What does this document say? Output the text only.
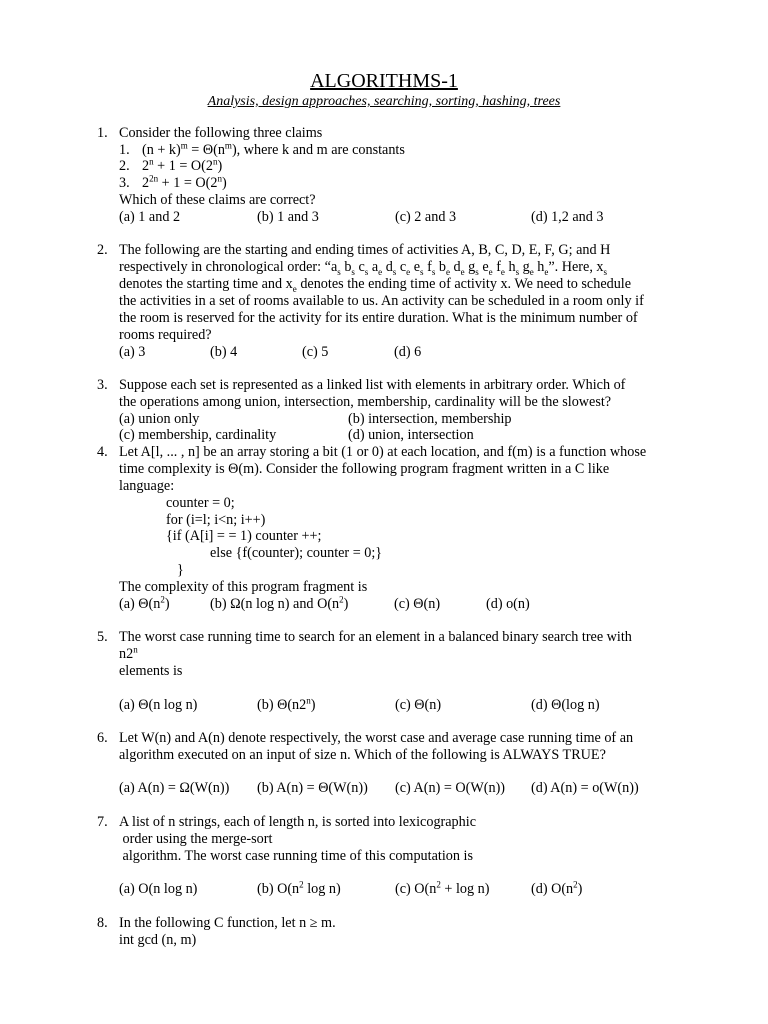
ALGORITHMS-1
Analysis, design approaches, searching, sorting, hashing, trees
1. Consider the following three claims
1. $(n + k)^m = \Theta(n^m)$, where k and m are constants
2. $2^n + 1 = O(2^n)$
3. $2^{2n} + 1 = O(2^n)$
Which of these claims are correct?
(a) 1 and 2	(b) 1 and 3	(c) 2 and 3	(d) 1,2 and 3
2. The following are the starting and ending times of activities A, B, C, D, E, F, G; and H
respectively in chronological order: “$a_s$ $b_s$ $c_s$ $a_e$ $d_s$ $c_e$ $e_s$ $f_s$ $b_e$ $d_e$ $g_s$ $e_e$ $f_e$ $h_s$ $g_e$ $h_e$”. Here, $x_s$
denotes the starting time and $x_e$ denotes the ending time of activity x. We need to schedule
the activities in a set of rooms available to us. An activity can be scheduled in a room only if
the room is reserved for the activity for its entire duration. What is the minimum number of
rooms required?
(a) 3	(b) 4	(c) 5	(d) 6
3. Suppose each set is represented as a linked list with elements in arbitrary order. Which of
the operations among union, intersection, membership, cardinality will be the slowest?
(a) union only	(b) intersection, membership
(c) membership, cardinality	(d) union, intersection
4. Let A[l, ... , n] be an array storing a bit (1 or 0) at each location, and f(m) is a function whose
time complexity is Θ(m). Consider the following program fragment written in a C like
language:
counter = 0;
for (i=l; i<n; i++)
{if (A[i] = = 1) counter ++;
else {f(counter); counter = 0;}
}
The complexity of this program fragment is
(a) $\Theta(n^2)$	(b) Ω(n log n) and $O(n^2)$	(c) Θ(n)	(d) o(n)
5. The worst case running time to search for an element in a balanced binary search tree with
n2$^n$
elements is
(a) Θ(n log n)	(b) Θ(n2$^n$)	(c) Θ(n)	(d) Θ(log n)
6. Let W(n) and A(n) denote respectively, the worst case and average case running time of an
algorithm executed on an input of size n. Which of the following is ALWAYS TRUE?
(a) A(n) = Ω(W(n)) (b) A(n) = Θ(W(n)) (c) A(n) = O(W(n)) (d) A(n) = o(W(n))
7. A list of n strings, each of length n, is sorted into lexicographic
order using the merge-sort
algorithm. The worst case running time of this computation is
(a) O(n log n)	(b) $O(n^2$ log n)	(c) $O(n^2 + \log n)$	(d) $O(n^2)$
8. In the following C function, let n ≥ m.
int gcd (n, m)
